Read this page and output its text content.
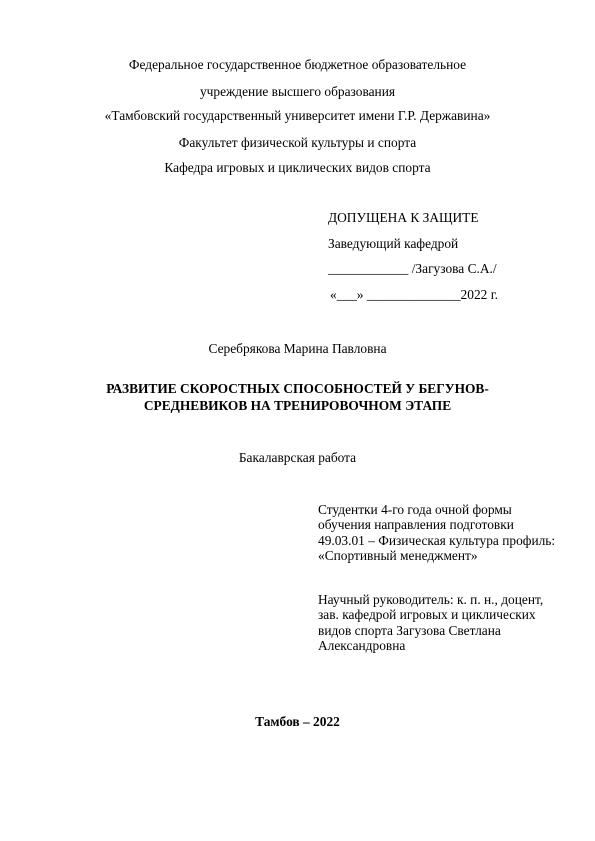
Федеральное государственное бюджетное образовательное
учреждение высшего образования
«Тамбовский государственный университет имени Г.Р. Державина»
Факультет физической культуры и спорта
Кафедра игровых и циклических видов спорта
ДОПУЩЕНА К ЗАЩИТЕ
Заведующий кафедрой
____________ /Загузова С.А./
«___» ______________2022 г.
Серебрякова Марина Павловна
РАЗВИТИЕ СКОРОСТНЫХ СПОСОБНОСТЕЙ У БЕГУНОВ-
СРЕДНЕВИКОВ НА ТРЕНИРОВОЧНОМ ЭТАПЕ
Бакалаврская работа
Студентки 4-го года очной формы обучения направления подготовки 49.03.01 – Физическая культура профиль: «Спортивный менеджмент»
Научный руководитель: к. п. н., доцент, зав. кафедрой игровых и циклических видов спорта Загузова Светлана Александровна
Тамбов – 2022
